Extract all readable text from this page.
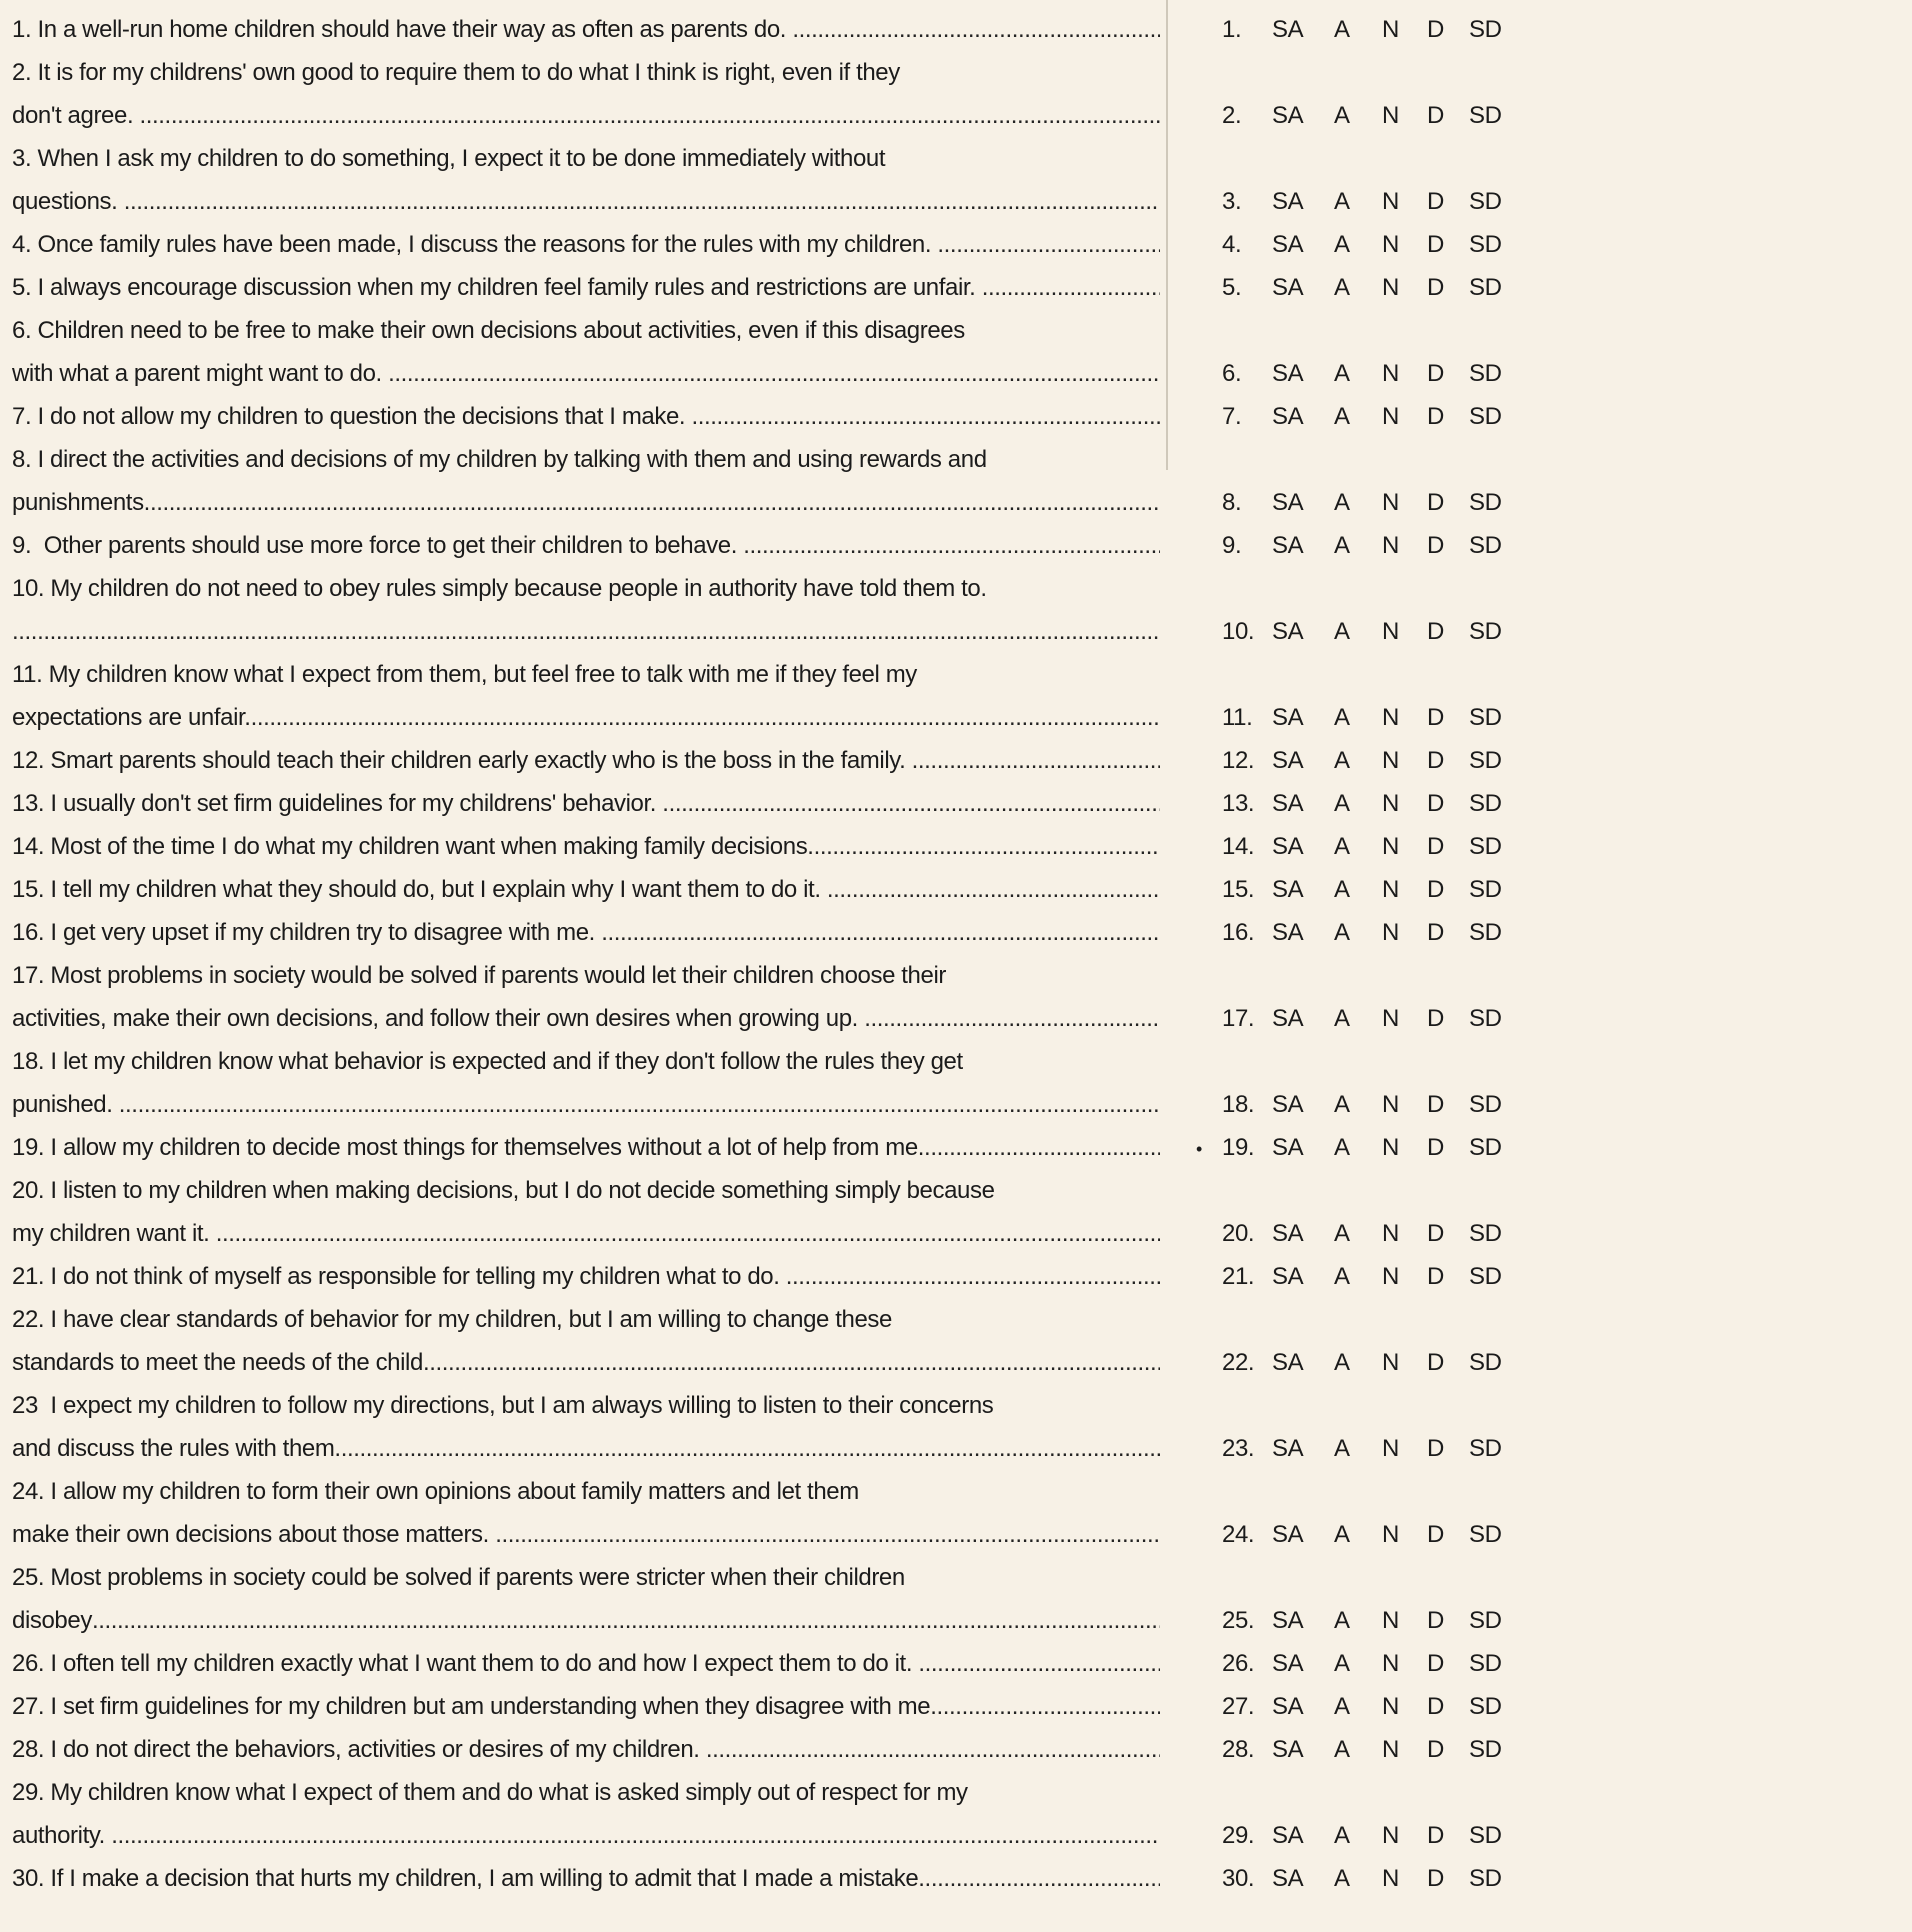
1. In a well-run home children should have their way as often as parents do. .....	1.	SA	A	N	D	SD
2. It is for my childrens' own good to require them to do what I think is right, even if they
don't agree. .....	2.	SA	A	N	D	SD
3. When I ask my children to do something, I expect it to be done immediately without
questions. .....	3.	SA	A	N	D	SD
4. Once family rules have been made, I discuss the reasons for the rules with my children. .....	4.	SA	A	N	D	SD
5. I always encourage discussion when my children feel family rules and restrictions are unfair. .....	5.	SA	A	N	D	SD
6. Children need to be free to make their own decisions about activities, even if this disagrees
with what a parent might want to do. .....	6.	SA	A	N	D	SD
7. I do not allow my children to question the decisions that I make. .....	7.	SA	A	N	D	SD
8. I direct the activities and decisions of my children by talking with them and using rewards and
punishments. .....	8.	SA	A	N	D	SD
9.  Other parents should use more force to get their children to behave. .....	9.	SA	A	N	D	SD
10. My children do not need to obey rules simply because people in authority have told them to.
.....
10. SA	A	N	D	SD
11. My children know what I expect from them, but feel free to talk with me if they feel my
expectations are unfair. .....	11. SA	A	N	D	SD
12. Smart parents should teach their children early exactly who is the boss in the family. .....	12. SA	A	N	D	SD
13. I usually don't set firm guidelines for my childrens' behavior. .....	13. SA	A	N	D	SD
14. Most of the time I do what my children want when making family decisions. .....	14. SA	A	N	D	SD
15. I tell my children what they should do, but I explain why I want them to do it. .....	15. SA	A	N	D	SD
16. I get very upset if my children try to disagree with me. .....	16. SA	A	N	D	SD
17. Most problems in society would be solved if parents would let their children choose their
activities, make their own decisions, and follow their own desires when growing up. .....	17. SA	A	N	D	SD
18. I let my children know what behavior is expected and if they don't follow the rules they get
punished. .....	18. SA	A	N	D	SD
19. I allow my children to decide most things for themselves without a lot of help from me. .....	• 19. SA	A	N	D	SD
20. I listen to my children when making decisions, but I do not decide something simply because
my children want it. .....	20. SA	A	N	D	SD
21. I do not think of myself as responsible for telling my children what to do. .....	21. SA	A	N	D	SD
22. I have clear standards of behavior for my children, but I am willing to change these
standards to meet the needs of the child. .....	22. SA	A	N	D	SD
23  I expect my children to follow my directions, but I am always willing to listen to their concerns
and discuss the rules with them. .....	23. SA	A	N	D	SD
24. I allow my children to form their own opinions about family matters and let them
make their own decisions about those matters. .....	24. SA	A	N	D	SD
25. Most problems in society could be solved if parents were stricter when their children
disobey .....	25. SA	A	N	D	SD
26. I often tell my children exactly what I want them to do and how I expect them to do it. .....	26. SA	A	N	D	SD
27. I set firm guidelines for my children but am understanding when they disagree with me. .....	27. SA	A	N	D	SD
28. I do not direct the behaviors, activities or desires of my children. .....	28. SA	A	N	D	SD
29. My children know what I expect of them and do what is asked simply out of respect for my
authority. .....	29. SA	A	N	D	SD
30. If I make a decision that hurts my children, I am willing to admit that I made a mistake. .....	30. SA	A	N	D	SD
